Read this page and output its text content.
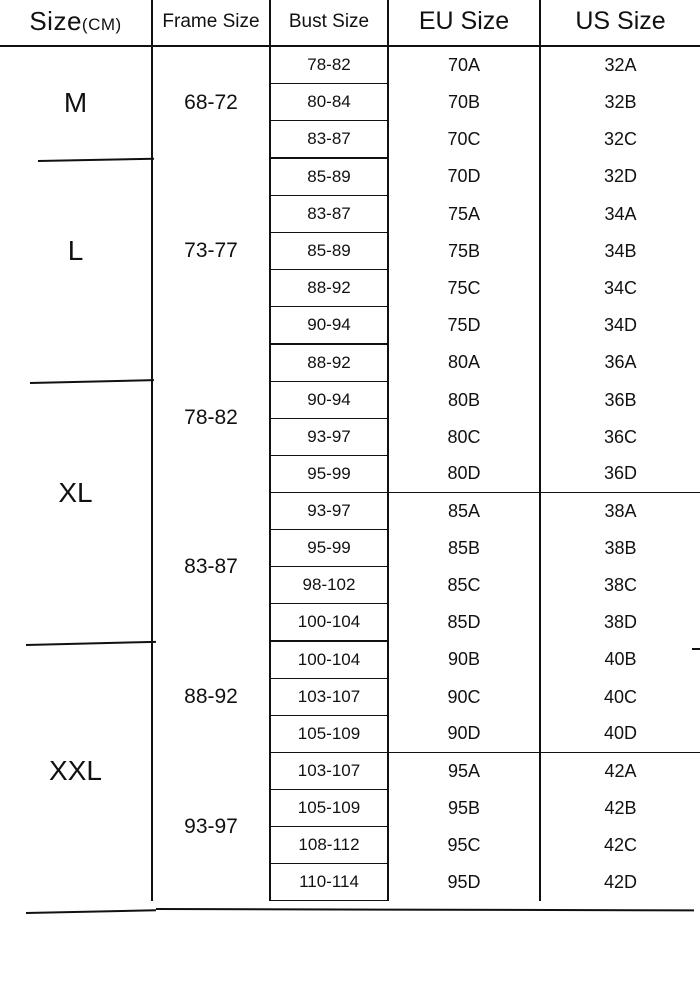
Size(CM)	Frame Size	Bust Size	EU Size	US Size
M	68-72	78-82	70A	32A
		80-84	70B	32B
		83-87	70C	32C
L	73-77	85-89	70D	32D
		83-87	75A	34A
		85-89	75B	34B
		88-92	75C	34C
		90-94	75D	34D
XL	78-82	88-92	80A	36A
		90-94	80B	36B
		93-97	80C	36C
		95-99	80D	36D
	83-87	93-97	85A	38A
		95-99	85B	38B
		98-102	85C	38C
		100-104	85D	38D
XXL	88-92	100-104	90B	40B
		103-107	90C	40C
		105-109	90D	40D
	93-97	103-107	95A	42A
		105-109	95B	42B
		108-112	95C	42C
		110-114	95D	42D
